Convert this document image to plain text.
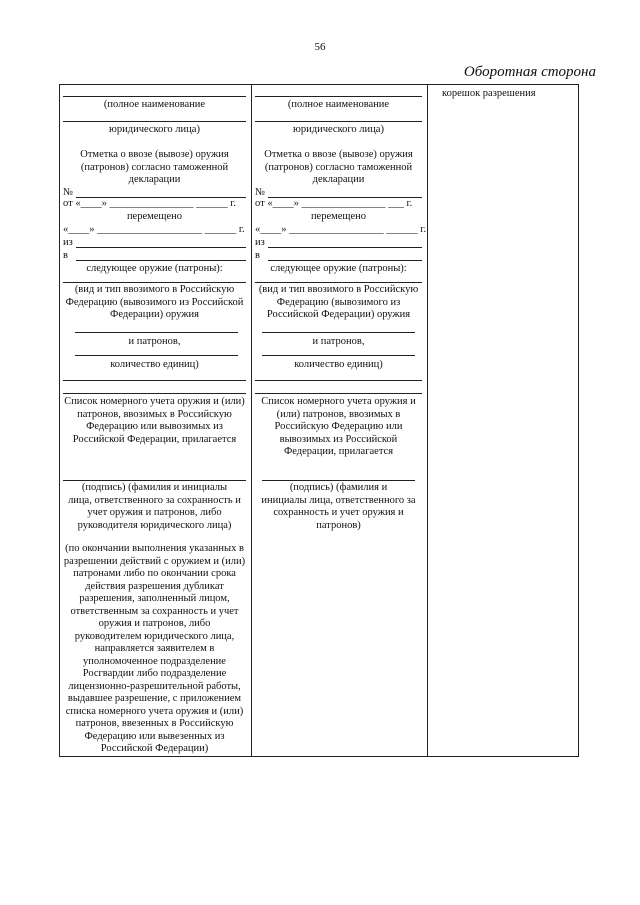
56
Оборотная сторона
корешок разрешения
(полное наименование
юридического лица)
Отметка о ввозе (вывозе) оружия
(патронов) согласно таможенной
декларации
№
от «____» ________________ ______ г.
перемещено
«____» ____________________ ______ г.
из
в
следующее оружие (патроны):
(вид и тип ввозимого в Российскую
Федерацию (вывозимого из Российской
Федерации) оружия
и патронов,
количество единиц)
Список номерного учета оружия и (или)
патронов, ввозимых в Российскую
Федерацию или вывозимых из
Российской Федерации, прилагается
(подпись) (фамилия и инициалы
лица, ответственного за сохранность и
учет оружия и патронов, либо
руководителя юридического лица)
(по окончании выполнения указанных в
разрешении действий с оружием и (или)
патронами либо по окончании срока
действия разрешения дубликат
разрешения, заполненный лицом,
ответственным за сохранность и учет
оружия и патронов, либо
руководителем юридического лица,
направляется заявителем в
уполномоченное подразделение
Росгвардии либо подразделение
лицензионно-разрешительной работы,
выдавшее разрешение, с приложением
списка номерного учета оружия и (или)
патронов, ввезенных в Российскую
Федерацию или вывезенных из
Российской Федерации)
(полное наименование
юридического лица)
Отметка о ввозе (вывозе) оружия
(патронов) согласно таможенной
декларации
№
от «____» ________________ ___ г.
перемещено
«____» __________________ ______ г.
из
в
следующее оружие (патроны):
(вид и тип ввозимого в Российскую
Федерацию (вывозимого из
Российской Федерации) оружия
и патронов,
количество единиц)
Список номерного учета оружия и
(или) патронов, ввозимых в
Российскую Федерацию или
вывозимых из Российской
Федерации, прилагается
(подпись) (фамилия и
инициалы лица, ответственного за
сохранность и учет оружия и
патронов)
